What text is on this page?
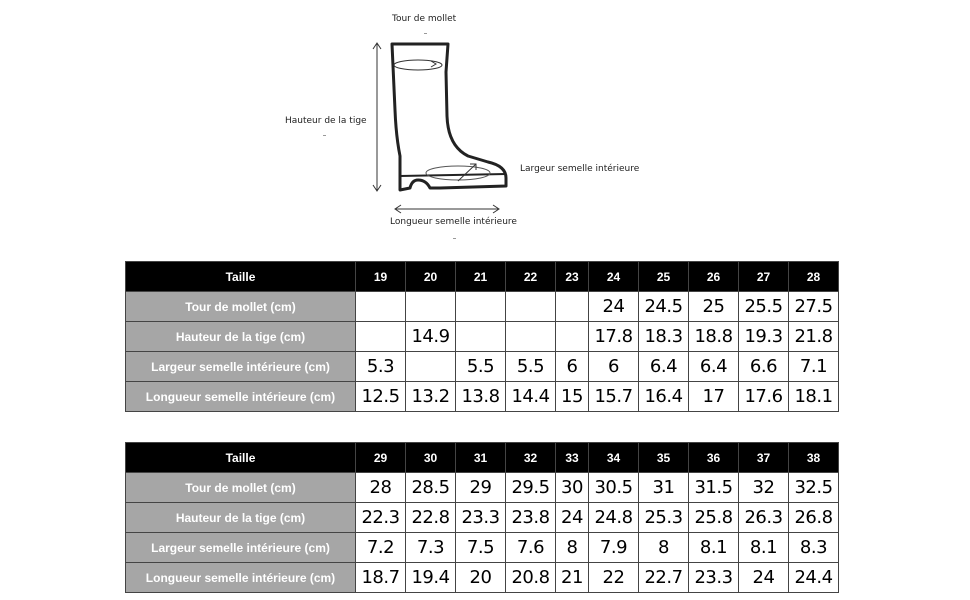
Tour de mollet
Hauteur de la tige
Largeur semelle intérieure
Longueur semelle intérieure
Taille	19	20	21	22	23	24	25	26	27	28
Tour de mollet (cm)						24	24.5	25	25.5	27.5
Hauteur de la tige (cm)		14.9				17.8	18.3	18.8	19.3	21.8
Largeur semelle intérieure (cm)	5.3		5.5	5.5	6	6	6.4	6.4	6.6	7.1
Longueur semelle intérieure (cm)	12.5	13.2	13.8	14.4	15	15.7	16.4	17	17.6	18.1
Taille	29	30	31	32	33	34	35	36	37	38
Tour de mollet (cm)	28	28.5	29	29.5	30	30.5	31	31.5	32	32.5
Hauteur de la tige (cm)	22.3	22.8	23.3	23.8	24	24.8	25.3	25.8	26.3	26.8
Largeur semelle intérieure (cm)	7.2	7.3	7.5	7.6	8	7.9	8	8.1	8.1	8.3
Longueur semelle intérieure (cm)	18.7	19.4	20	20.8	21	22	22.7	23.3	24	24.4
